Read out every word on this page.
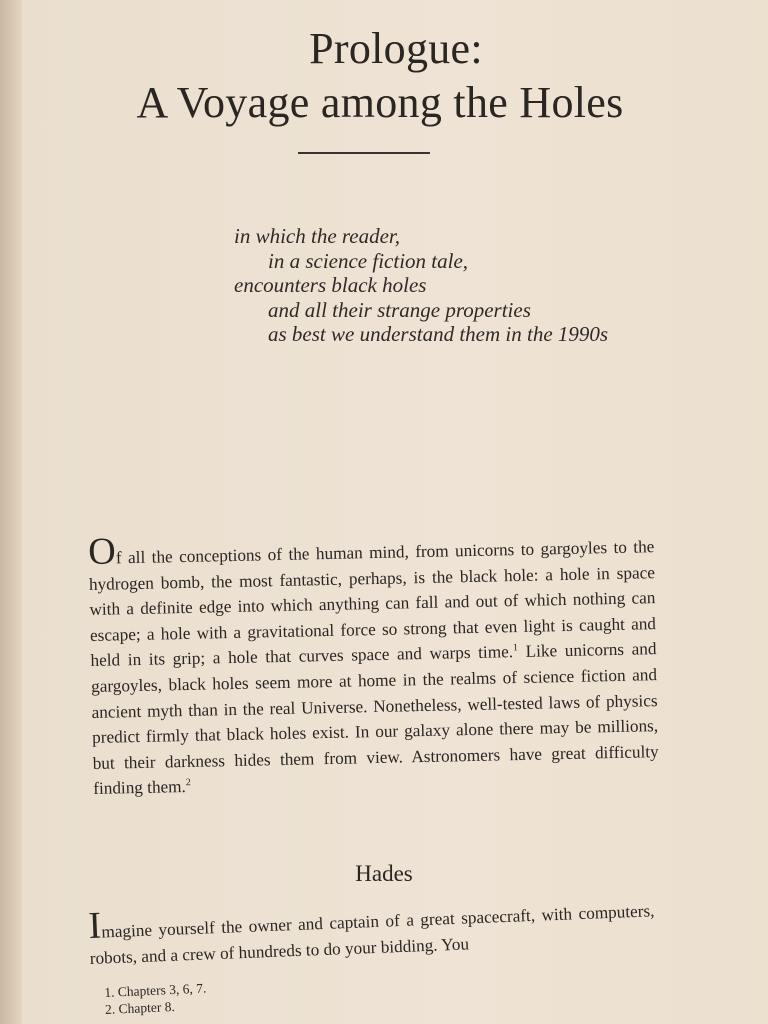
Prologue:
A Voyage among the Holes
in which the reader,
in a science fiction tale,
encounters black holes
and all their strange properties
as best we understand them in the 1990s
Of all the conceptions of the human mind, from unicorns to gargoyles to the hydrogen bomb, the most fantastic, perhaps, is the black hole: a hole in space with a definite edge into which anything can fall and out of which nothing can escape; a hole with a gravitational force so strong that even light is caught and held in its grip; a hole that curves space and warps time.$^1$ Like unicorns and gargoyles, black holes seem more at home in the realms of science fiction and ancient myth than in the real Universe. Nonetheless, well-tested laws of physics predict firmly that black holes exist. In our galaxy alone there may be millions, but their darkness hides them from view. Astronomers have great difficulty finding them.$^2$
Hades
Imagine yourself the owner and captain of a great spacecraft, with computers, robots, and a crew of hundreds to do your bidding. You
1. Chapters 3, 6, 7.
2. Chapter 8.
